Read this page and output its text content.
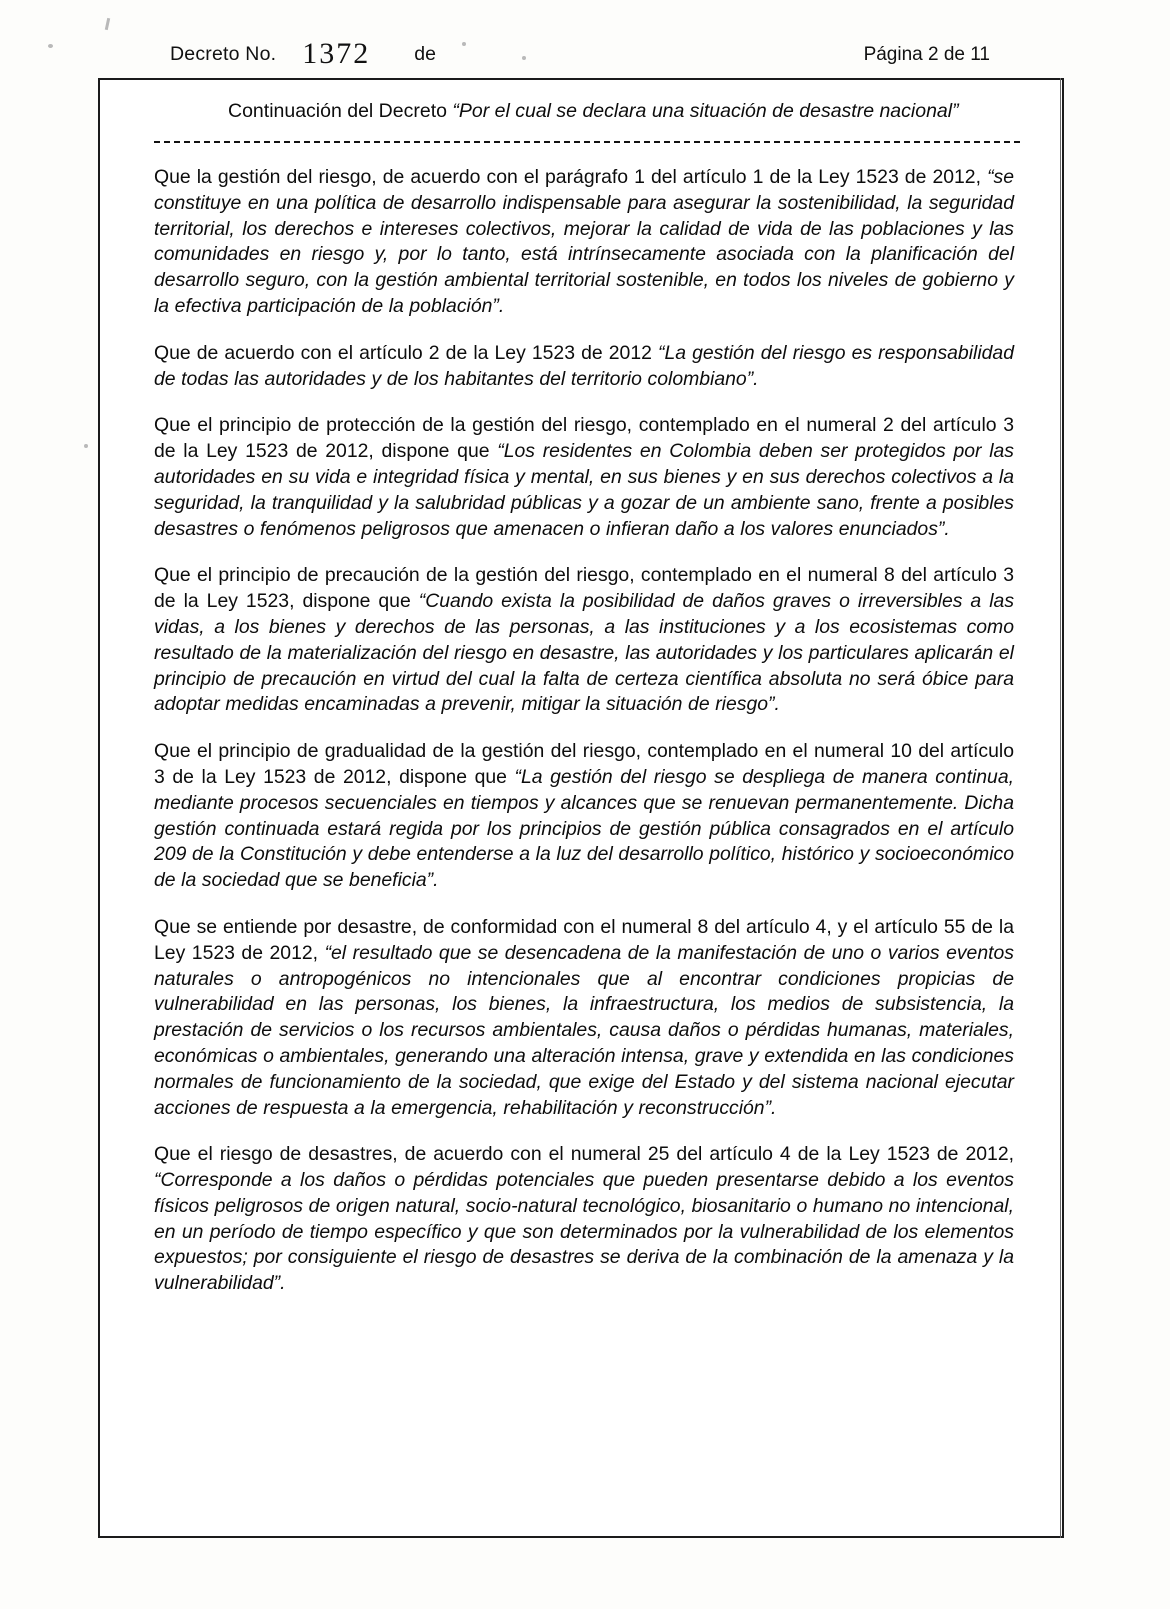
Decreto No. 1372 de	Página 2 de 11
Continuación del Decreto “Por el cual se declara una situación de desastre nacional”

Que la gestión del riesgo, de acuerdo con el parágrafo 1 del artículo 1 de la Ley 1523 de 2012, “se constituye en una política de desarrollo indispensable para asegurar la sostenibilidad, la seguridad territorial, los derechos e intereses colectivos, mejorar la calidad de vida de las poblaciones y las comunidades en riesgo y, por lo tanto, está intrínsecamente asociada con la planificación del desarrollo seguro, con la gestión ambiental territorial sostenible, en todos los niveles de gobierno y la efectiva participación de la población”.

Que de acuerdo con el artículo 2 de la Ley 1523 de 2012 “La gestión del riesgo es responsabilidad de todas las autoridades y de los habitantes del territorio colombiano”.

Que el principio de protección de la gestión del riesgo, contemplado en el numeral 2 del artículo 3 de la Ley 1523 de 2012, dispone que “Los residentes en Colombia deben ser protegidos por las autoridades en su vida e integridad física y mental, en sus bienes y en sus derechos colectivos a la seguridad, la tranquilidad y la salubridad públicas y a gozar de un ambiente sano, frente a posibles desastres o fenómenos peligrosos que amenacen o infieran daño a los valores enunciados”.

Que el principio de precaución de la gestión del riesgo, contemplado en el numeral 8 del artículo 3 de la Ley 1523, dispone que “Cuando exista la posibilidad de daños graves o irreversibles a las vidas, a los bienes y derechos de las personas, a las instituciones y a los ecosistemas como resultado de la materialización del riesgo en desastre, las autoridades y los particulares aplicarán el principio de precaución en virtud del cual la falta de certeza científica absoluta no será óbice para adoptar medidas encaminadas a prevenir, mitigar la situación de riesgo”.

Que el principio de gradualidad de la gestión del riesgo, contemplado en el numeral 10 del artículo 3 de la Ley 1523 de 2012, dispone que “La gestión del riesgo se despliega de manera continua, mediante procesos secuenciales en tiempos y alcances que se renuevan permanentemente. Dicha gestión continuada estará regida por los principios de gestión pública consagrados en el artículo 209 de la Constitución y debe entenderse a la luz del desarrollo político, histórico y socioeconómico de la sociedad que se beneficia”.

Que se entiende por desastre, de conformidad con el numeral 8 del artículo 4, y el artículo 55 de la Ley 1523 de 2012, “el resultado que se desencadena de la manifestación de uno o varios eventos naturales o antropogénicos no intencionales que al encontrar condiciones propicias de vulnerabilidad en las personas, los bienes, la infraestructura, los medios de subsistencia, la prestación de servicios o los recursos ambientales, causa daños o pérdidas humanas, materiales, económicas o ambientales, generando una alteración intensa, grave y extendida en las condiciones normales de funcionamiento de la sociedad, que exige del Estado y del sistema nacional ejecutar acciones de respuesta a la emergencia, rehabilitación y reconstrucción”.

Que el riesgo de desastres, de acuerdo con el numeral 25 del artículo 4 de la Ley 1523 de 2012, “Corresponde a los daños o pérdidas potenciales que pueden presentarse debido a los eventos físicos peligrosos de origen natural, socio-natural tecnológico, biosanitario o humano no intencional, en un período de tiempo específico y que son determinados por la vulnerabilidad de los elementos expuestos; por consiguiente el riesgo de desastres se deriva de la combinación de la amenaza y la vulnerabilidad”.
